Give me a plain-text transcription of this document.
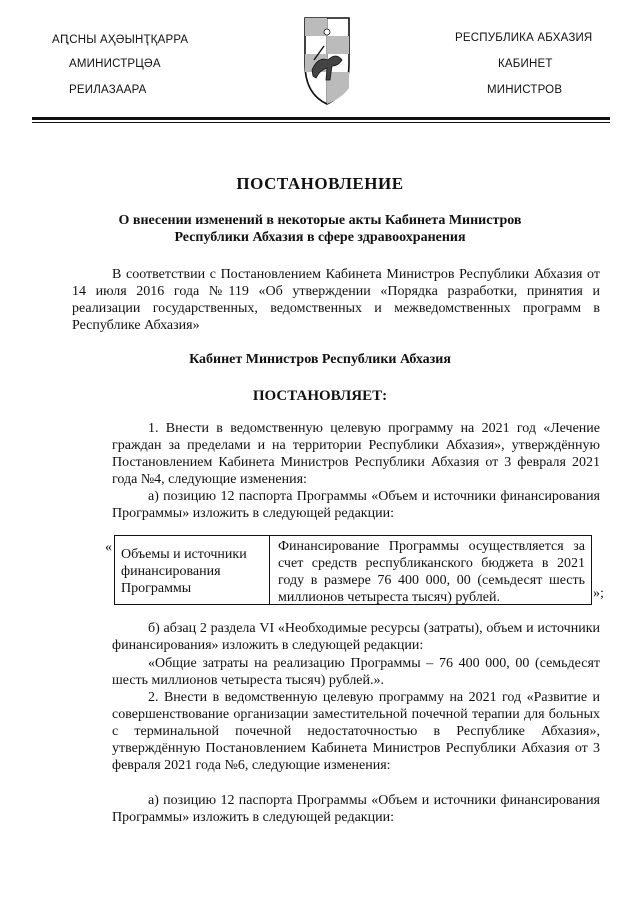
АԤСНЫ АҲӘЫНҬҚАРРА
АМИНИСТРЦӘА
РЕИЛАЗААРА
РЕСПУБЛИКА АБХАЗИЯ
КАБИНЕТ
МИНИСТРОВ
ПОСТАНОВЛЕНИЕ
О внесении изменений в некоторые акты Кабинета Министров Республики Абхазия в сфере здравоохранения
В соответствии с Постановлением Кабинета Министров Республики Абхазия от 14 июля 2016 года №119 «Об утверждении «Порядка разработки, принятия и реализации государственных, ведомственных и межведомственных программ в Республике Абхазия»
Кабинет Министров Республики Абхазия
ПОСТАНОВЛЯЕТ:
1. Внести в ведомственную целевую программу на 2021 год «Лечение граждан за пределами и на территории Республики Абхазия», утверждённую Постановлением Кабинета Министров Республики Абхазия от 3 февраля 2021 года №4, следующие изменения:
а) позицию 12 паспорта Программы «Объем и источники финансирования Программы» изложить в следующей редакции:
« Объемы и источники финансирования Программы
Финансирование Программы осуществляется за счет средств республиканского бюджета в 2021 году в размере 76 400 000, 00 (семьдесят шесть миллионов четыреста тысяч) рублей.	»;
б) абзац 2 раздела VI «Необходимые ресурсы (затраты), объем и источники финансирования» изложить в следующей редакции:
«Общие затраты на реализацию Программы – 76 400 000, 00 (семьдесят шесть миллионов четыреста тысяч) рублей.».
2. Внести в ведомственную целевую программу на 2021 год «Развитие и совершенствование организации заместительной почечной терапии для больных с терминальной почечной недостаточностью в Республике Абхазия», утверждённую Постановлением Кабинета Министров Республики Абхазия от 3 февраля 2021 года №6, следующие изменения:
а) позицию 12 паспорта Программы «Объем и источники финансирования Программы» изложить в следующей редакции:
